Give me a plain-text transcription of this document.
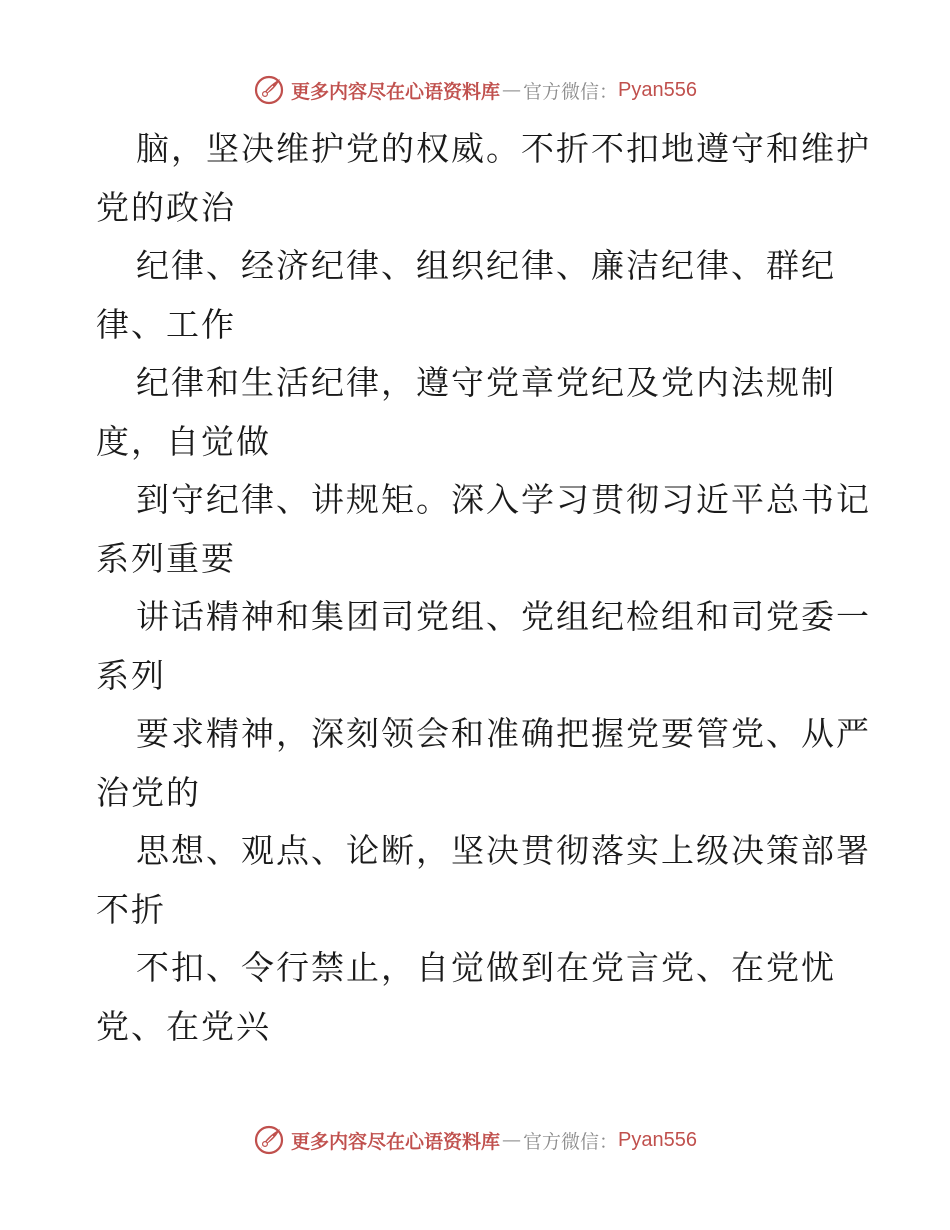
更多内容尽在心语资料库 — 官方微信： Pyan556
脑，坚决维护党的权威。不折不扣地遵守和维护
党的政治
纪律、经济纪律、组织纪律、廉洁纪律、群纪
律、工作
纪律和生活纪律，遵守党章党纪及党内法规制
度，自觉做
到守纪律、讲规矩。深入学习贯彻习近平总书记
系列重要
讲话精神和集团司党组、党组纪检组和司党委一
系列
要求精神，深刻领会和准确把握党要管党、从严
治党的
思想、观点、论断，坚决贯彻落实上级决策部署
不折
不扣、令行禁止，自觉做到在党言党、在党忧
党、在党兴
更多内容尽在心语资料库 — 官方微信： Pyan556
